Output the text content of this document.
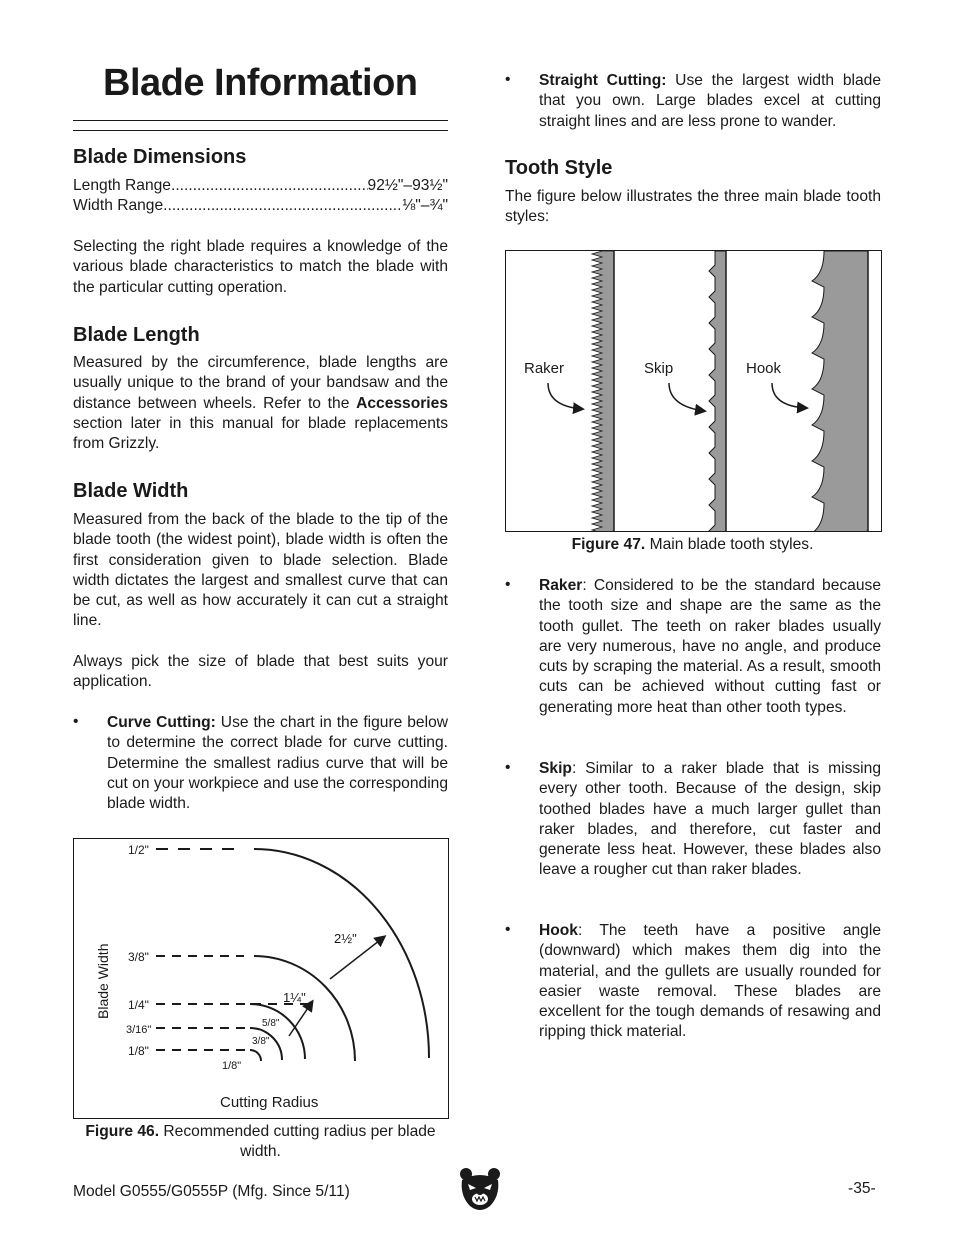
Blade Information
Blade Dimensions
Length Range .....	92½"–93½"
Width Range .....	⅛"–¾"
Selecting the right blade requires a knowledge of the various blade characteristics to match the blade with the particular cutting operation.
Blade Length
Measured by the circumference, blade lengths are usually unique to the brand of your bandsaw and the distance between wheels. Refer to the Accessories section later in this manual for blade replacements from Grizzly.
Blade Width
Measured from the back of the blade to the tip of the blade tooth (the widest point), blade width is often the first consideration given to blade selection. Blade width dictates the largest and smallest curve that can be cut, as well as how accurately it can cut a straight line.
Always pick the size of blade that best suits your application.
• Curve Cutting: Use the chart in the figure below to determine the correct blade for curve cutting. Determine the smallest radius curve that will be cut on your workpiece and use the corresponding blade width.
1/2"
3/8"
1/4"
3/16"
1/8"
2½"
1¼"
5/8"
3/8"
1/8"
Blade Width
Cutting Radius
Figure 46. Recommended cutting radius per blade width.
• Straight Cutting: Use the largest width blade that you own. Large blades excel at cutting straight lines and are less prone to wander.
Tooth Style
The figure below illustrates the three main blade tooth styles:
Raker	Skip	Hook
Figure 47. Main blade tooth styles.
• Raker: Considered to be the standard because the tooth size and shape are the same as the tooth gullet. The teeth on raker blades usually are very numerous, have no angle, and produce cuts by scraping the material. As a result, smooth cuts can be achieved without cutting fast or generating more heat than other tooth types.
• Skip: Similar to a raker blade that is missing every other tooth. Because of the design, skip toothed blades have a much larger gullet than raker blades, and therefore, cut faster and generate less heat. However, these blades also leave a rougher cut than raker blades.
• Hook: The teeth have a positive angle (downward) which makes them dig into the material, and the gullets are usually rounded for easier waste removal. These blades are excellent for the tough demands of resawing and ripping thick material.
Model G0555/G0555P (Mfg. Since 5/11)	-35-
